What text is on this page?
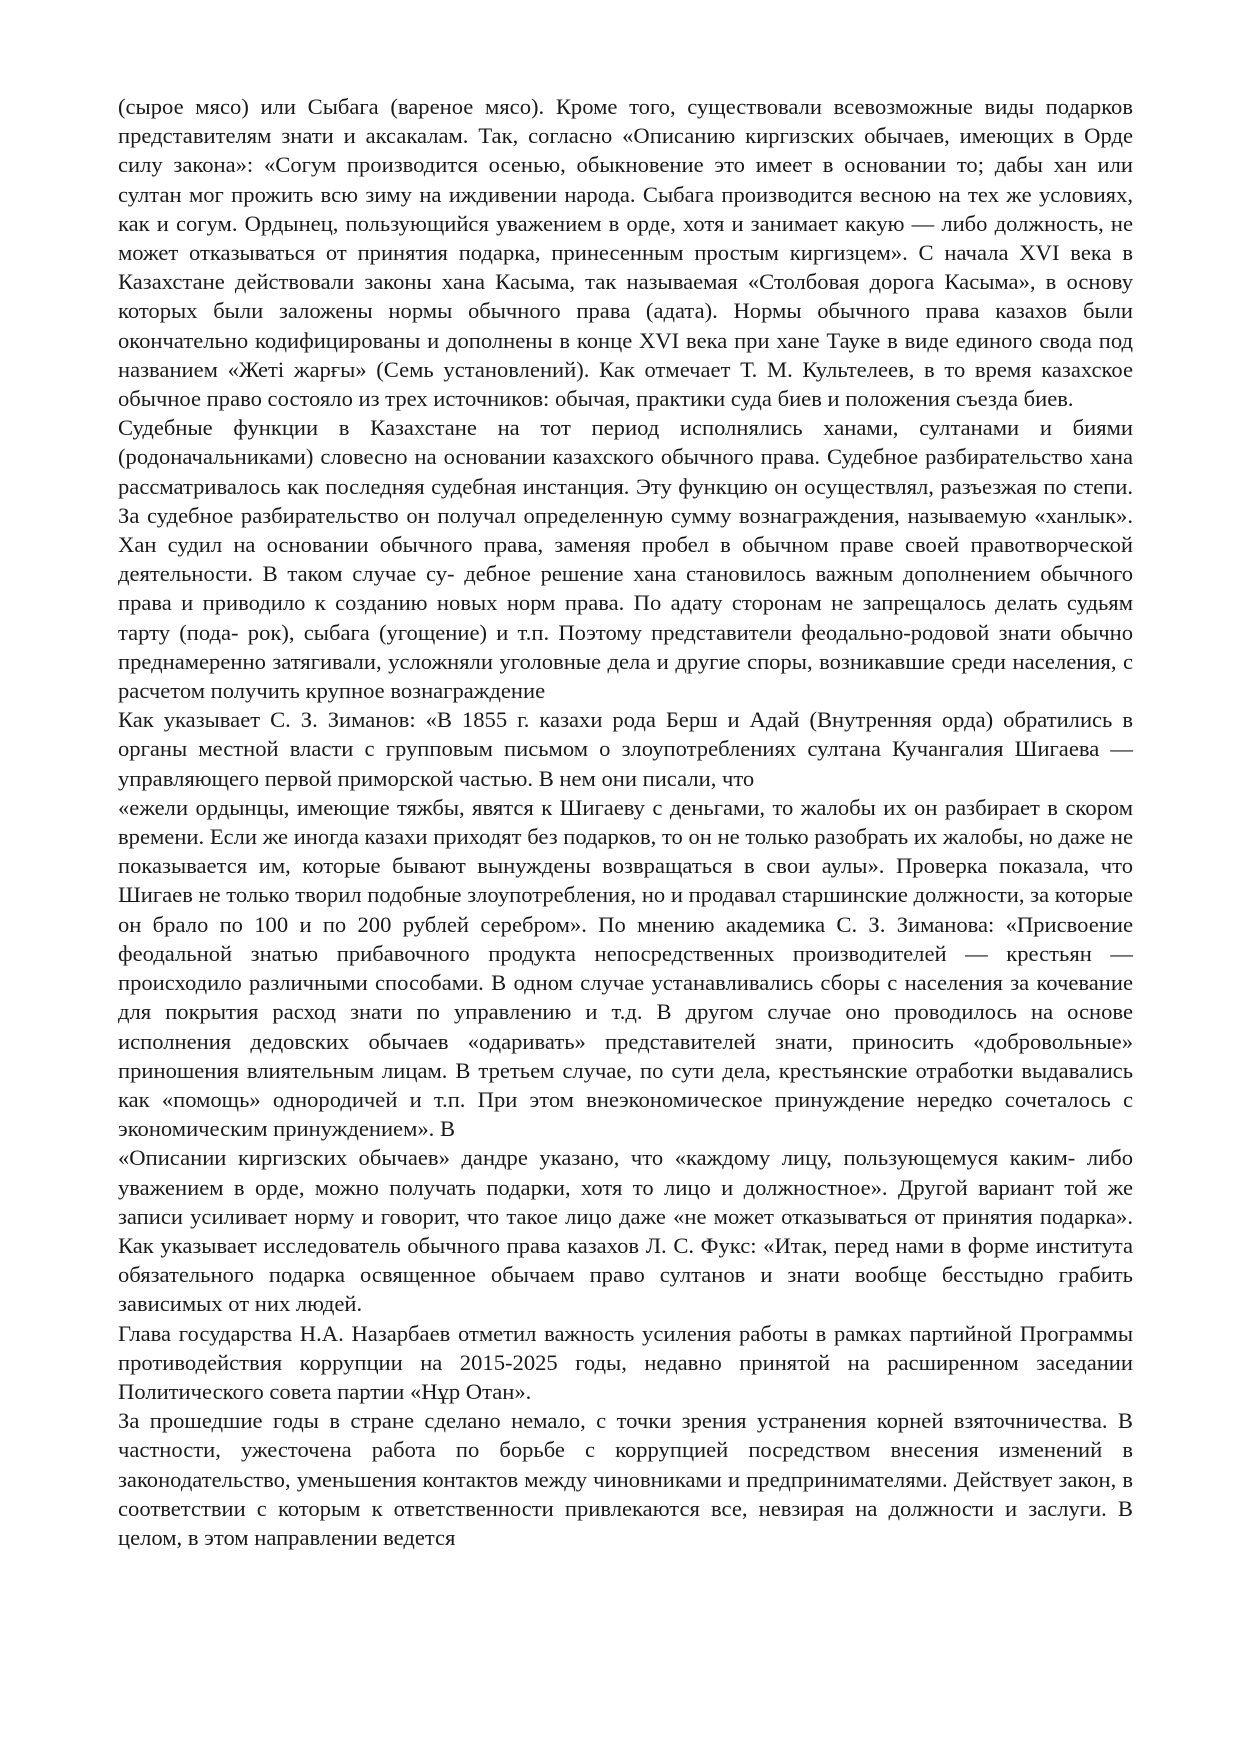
(сырое мясо) или Сыбага (вареное мясо). Кроме того, существовали всевозможные виды подарков представителям знати и аксакалам. Так, согласно «Описанию киргизских обычаев, имеющих в Орде силу закона»: «Согум производится осенью, обыкновение это имеет в основании то; дабы хан или султан мог прожить всю зиму на иждивении народа. Сыбага производится весною на тех же условиях, как и согум. Ордынец, пользующийся уважением в орде, хотя и занимает какую — либо должность, не может отказываться от принятия подарка, принесенным простым киргизцем». С начала XVI века в Казахстане действовали законы хана Касыма, так называемая «Столбовая дорога Касыма», в основу которых были заложены нормы обычного права (адата). Нормы обычного права казахов были окончательно кодифицированы и дополнены в конце XVI века при хане Тауке в виде единого свода под названием «Жеті жарғы» (Семь установлений). Как отмечает Т. М. Культелеев, в то время казахское обычное право состояло из трех источников: обычая, практики суда биев и положения съезда биев.

Судебные функции в Казахстане на тот период исполнялись ханами, султанами и биями (родоначальниками) словесно на основании казахского обычного права. Судебное разбирательство хана рассматривалось как последняя судебная инстанция. Эту функцию он осуществлял, разъезжая по степи. За судебное разбирательство он получал определенную сумму вознаграждения, называемую «ханлык». Хан судил на основании обычного права, заменяя пробел в обычном праве своей правотворческой деятельности. В таком случае су- дебное решение хана становилось важным дополнением обычного права и приводило к созданию новых норм права. По адату сторонам не запрещалось делать судьям тарту (пода- рок), сыбага (угощение) и т.п. Поэтому представители феодально-родовой знати обычно преднамеренно затягивали, усложняли уголовные дела и другие споры, возникавшие среди населения, с расчетом получить крупное вознаграждение

Как указывает С. З. Зиманов: «В 1855 г. казахи рода Берш и Адай (Внутренняя орда) обратились в органы местной власти с групповым письмом о злоупотреблениях султана Кучангалия Шигаева — управляющего первой приморской частью. В нем они писали, что

«ежели ордынцы, имеющие тяжбы, явятся к Шигаеву с деньгами, то жалобы их он разбирает в скором времени. Если же иногда казахи приходят без подарков, то он не только разобрать их жалобы, но даже не показывается им, которые бывают вынуждены возвращаться в свои аулы». Проверка показала, что Шигаев не только творил подобные злоупотребления, но и продавал старшинские должности, за которые он брало по 100 и по 200 рублей серебром». По мнению академика С. З. Зиманова: «Присвоение феодальной знатью прибавочного продукта непосредственных производителей — крестьян — происходило различными способами. В одном случае устанавливались сборы с населения за кочевание для покрытия расход знати по управлению и т.д. В другом случае оно проводилось на основе исполнения дедовских обычаев «одаривать» представителей знати, приносить «добровольные» приношения влиятельным лицам. В третьем случае, по сути дела, крестьянские отработки выдавались как «помощь» однородичей и т.п. При этом внеэкономическое принуждение нередко сочеталось с экономическим принуждением». В

«Описании киргизских обычаев» дандре указано, что «каждому лицу, пользующемуся каким- либо уважением в орде, можно получать подарки, хотя то лицо и должностное». Другой вариант той же записи усиливает норму и говорит, что такое лицо даже «не может отказываться от принятия подарка». Как указывает исследователь обычного права казахов Л. С. Фукс: «Итак, перед нами в форме института обязательного подарка освященное обычаем право султанов и знати вообще бесстыдно грабить зависимых от них людей.

Глава государства Н.А. Назарбаев отметил важность усиления работы в рамках партийной Программы противодействия коррупции на 2015-2025 годы, недавно принятой на расширенном заседании Политического совета партии «Нұр Отан».

За прошедшие годы в стране сделано немало, с точки зрения устранения корней взяточничества. В частности, ужесточена работа по борьбе с коррупцией посредством внесения изменений в законодательство, уменьшения контактов между чиновниками и предпринимателями. Действует закон, в соответствии с которым к ответственности привлекаются все, невзирая на должности и заслуги. В целом, в этом направлении ведется
